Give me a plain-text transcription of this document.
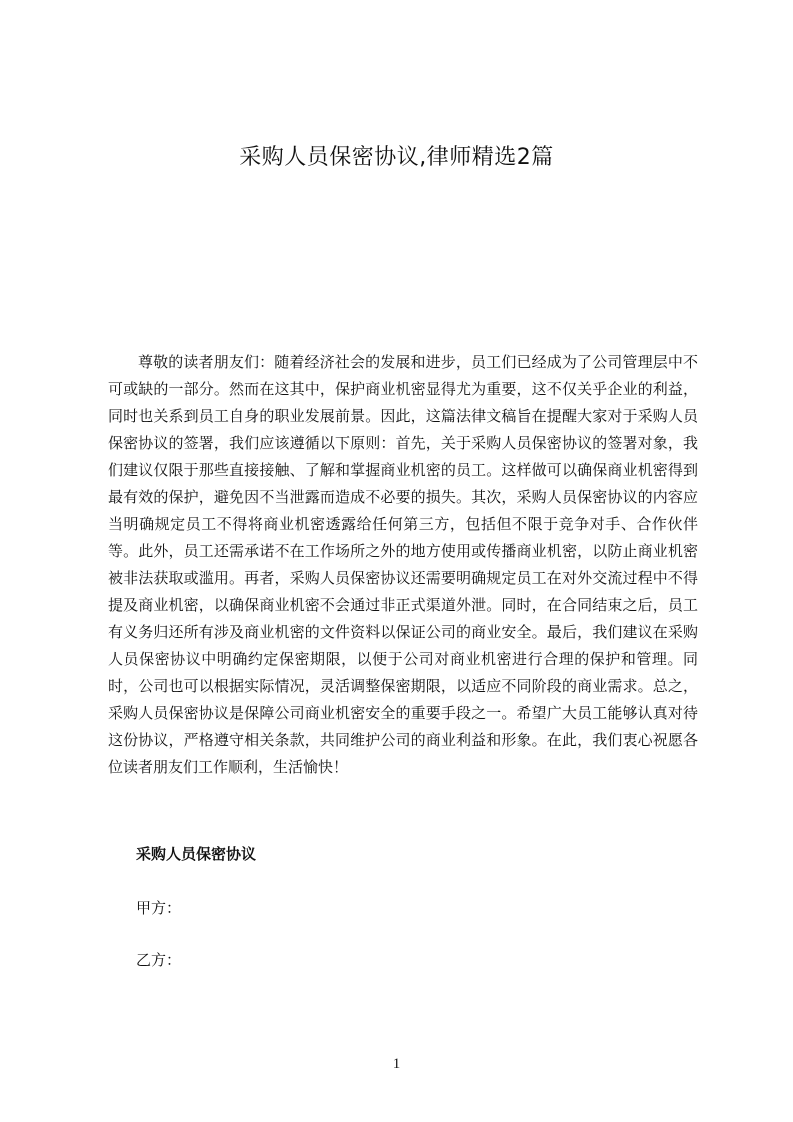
采购人员保密协议,律师精选2篇

尊敬的读者朋友们：随着经济社会的发展和进步，员工们已经成为了公司管理层中不可或缺的一部分。然而在这其中，保护商业机密显得尤为重要，这不仅关乎企业的利益，同时也关系到员工自身的职业发展前景。因此，这篇法律文稿旨在提醒大家对于采购人员保密协议的签署，我们应该遵循以下原则：首先，关于采购人员保密协议的签署对象，我们建议仅限于那些直接接触、了解和掌握商业机密的员工。这样做可以确保商业机密得到最有效的保护，避免因不当泄露而造成不必要的损失。其次，采购人员保密协议的内容应当明确规定员工不得将商业机密透露给任何第三方，包括但不限于竞争对手、合作伙伴等。此外，员工还需承诺不在工作场所之外的地方使用或传播商业机密，以防止商业机密被非法获取或滥用。再者，采购人员保密协议还需要明确规定员工在对外交流过程中不得提及商业机密，以确保商业机密不会通过非正式渠道外泄。同时，在合同结束之后，员工有义务归还所有涉及商业机密的文件资料以保证公司的商业安全。最后，我们建议在采购人员保密协议中明确约定保密期限，以便于公司对商业机密进行合理的保护和管理。同时，公司也可以根据实际情况，灵活调整保密期限，以适应不同阶段的商业需求。总之，采购人员保密协议是保障公司商业机密安全的重要手段之一。希望广大员工能够认真对待这份协议，严格遵守相关条款，共同维护公司的商业利益和形象。在此，我们衷心祝愿各位读者朋友们工作顺利，生活愉快！

采购人员保密协议

甲方：

乙方：

1
